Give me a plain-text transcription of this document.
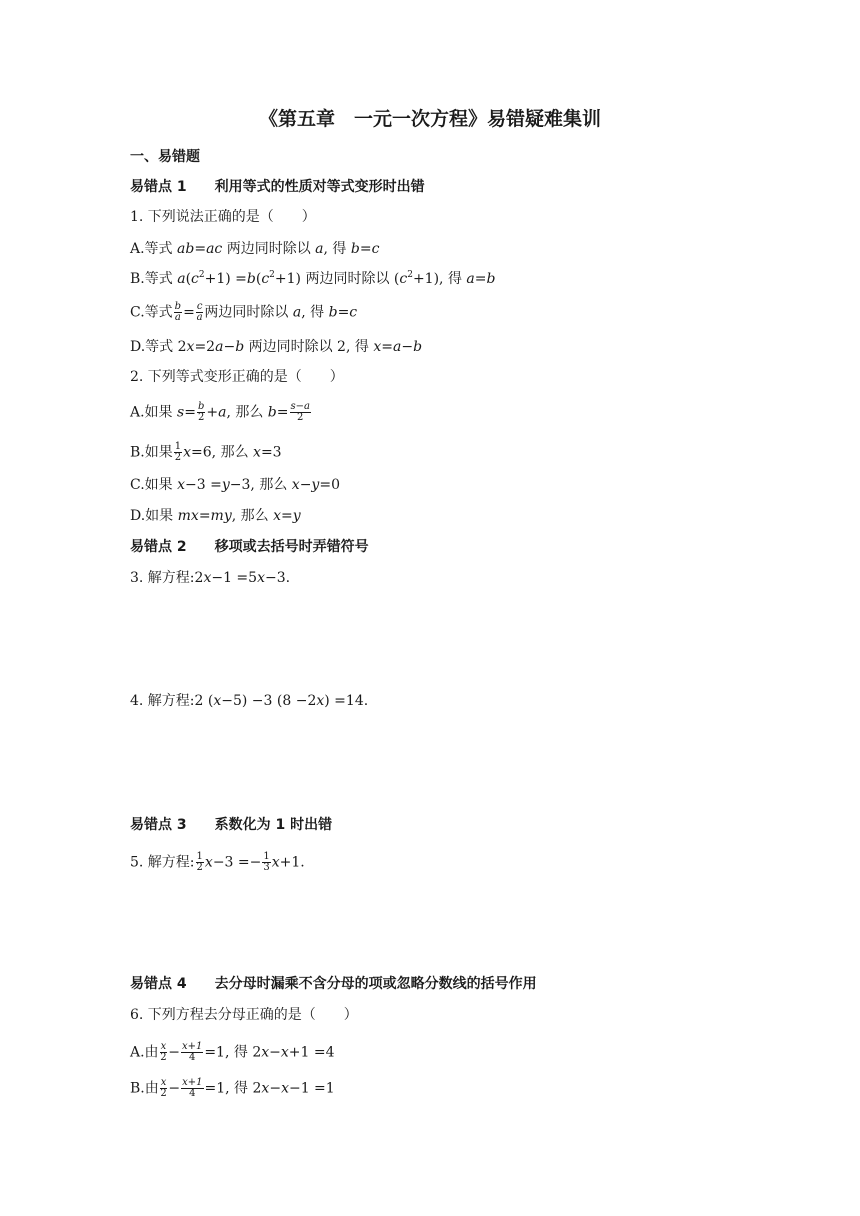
《第五章　一元一次方程》易错疑难集训
一、易错题
易错点 1 利用等式的性质对等式变形时出错
1. 下列说法正确的是（　　）
A.等式 ab=ac 两边同时除以 a, 得 b=c
B.等式 $a(c^2+1) =b(c^2+1)$ 两边同时除以 $(c^2+1)$, 得 a=b
C.等式 $\frac{b}{a} = \frac{c}{a}$ 两边同时除以 a, 得 b=c
D.等式 2x=2a−b 两边同时除以 2, 得 x=a−b
2. 下列等式变形正确的是（　　）
A.如果 $s= \frac{b}{2} +a$, 那么 $b= \frac{s-a}{2}$
B.如果 $\frac{1}{2} x=6$, 那么 x=3
C.如果 x−3 =y−3, 那么 x−y=0
D.如果 mx=my, 那么 x=y
易错点 2 移项或去括号时弄错符号
3. 解方程:2x−1 =5x−3.
4. 解方程:2 (x−5) −3 (8 −2x) =14.
易错点 3 系数化为 1 时出错
5. 解方程: $\frac{1}{2} x-3 =- \frac{1}{3} x+1$.
易错点 4 去分母时漏乘不含分母的项或忽略分数线的括号作用
6. 下列方程去分母正确的是（　　）
A.由 $\frac{x}{2} - \frac{x+1}{4} =1$, 得 2x−x+1 =4
B.由 $\frac{x}{2} - \frac{x+1}{4} =1$, 得 2x−x−1 =1
